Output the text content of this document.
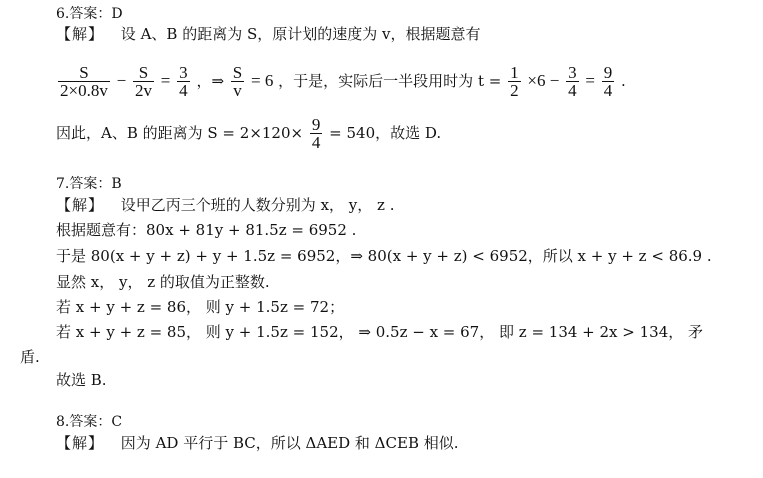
6.答案：D
【解】 设 A、B 的距离为 S，原计划的速度为 v，根据题意有
$\frac{S}{2\times 0.8v} - \frac{S}{2v} = \frac{3}{4}$ ，⇒ $\frac{S}{v} = 6$ ，于是，实际后一半段用时为 $t = \frac{1}{2} \times 6 - \frac{3}{4} = \frac{9}{4}$ .
因此，A、B 的距离为 $S = 2\times 120\times \frac{9}{4} = 540$，故选 D.
7.答案：B
【解】 设甲乙丙三个班的人数分别为 x， y， z .
根据题意有：80x + 81y + 81.5z = 6952 .
于是 80(x + y + z) + y + 1.5z = 6952，⇒ 80(x + y + z) < 6952，所以 x + y + z < 86.9 .
显然 x， y， z 的取值为正整数.
若 x + y + z = 86， 则 y + 1.5z = 72；
若 x + y + z = 85， 则 y + 1.5z = 152， ⇒ 0.5z − x = 67， 即 z = 134 + 2x > 134， 矛
盾.
故选 B.
8.答案：C
【解】 因为 AD 平行于 BC，所以 ΔAED 和 ΔCEB 相似.
